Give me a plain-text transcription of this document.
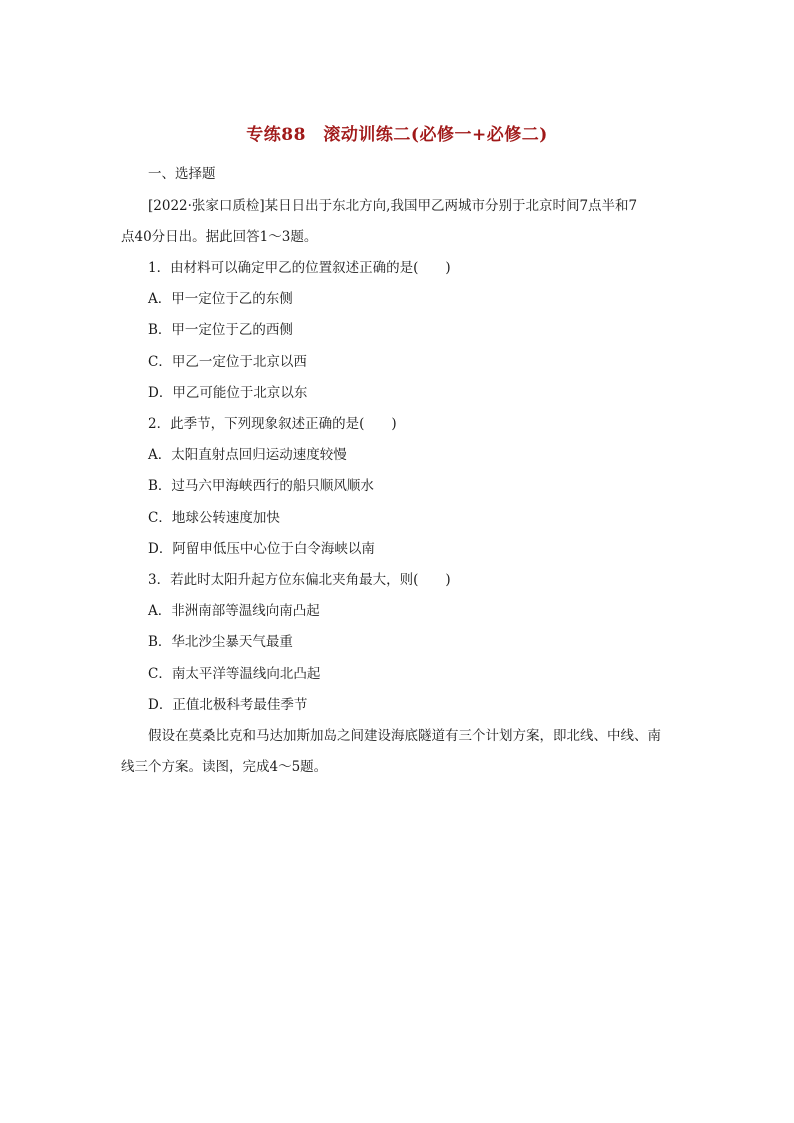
专练88　滚动训练二(必修一+必修二)
一、选择题
[2022·张家口质检]某日日出于东北方向,我国甲乙两城市分别于北京时间7点半和7
点40分日出。据此回答1～3题。
1．由材料可以确定甲乙的位置叙述正确的是(　　)
A．甲一定位于乙的东侧
B．甲一定位于乙的西侧
C．甲乙一定位于北京以西
D．甲乙可能位于北京以东
2．此季节，下列现象叙述正确的是(　　)
A．太阳直射点回归运动速度较慢
B．过马六甲海峡西行的船只顺风顺水
C．地球公转速度加快
D．阿留申低压中心位于白令海峡以南
3．若此时太阳升起方位东偏北夹角最大，则(　　)
A．非洲南部等温线向南凸起
B．华北沙尘暴天气最重
C．南太平洋等温线向北凸起
D．正值北极科考最佳季节
假设在莫桑比克和马达加斯加岛之间建设海底隧道有三个计划方案，即北线、中线、南
线三个方案。读图，完成4～5题。
